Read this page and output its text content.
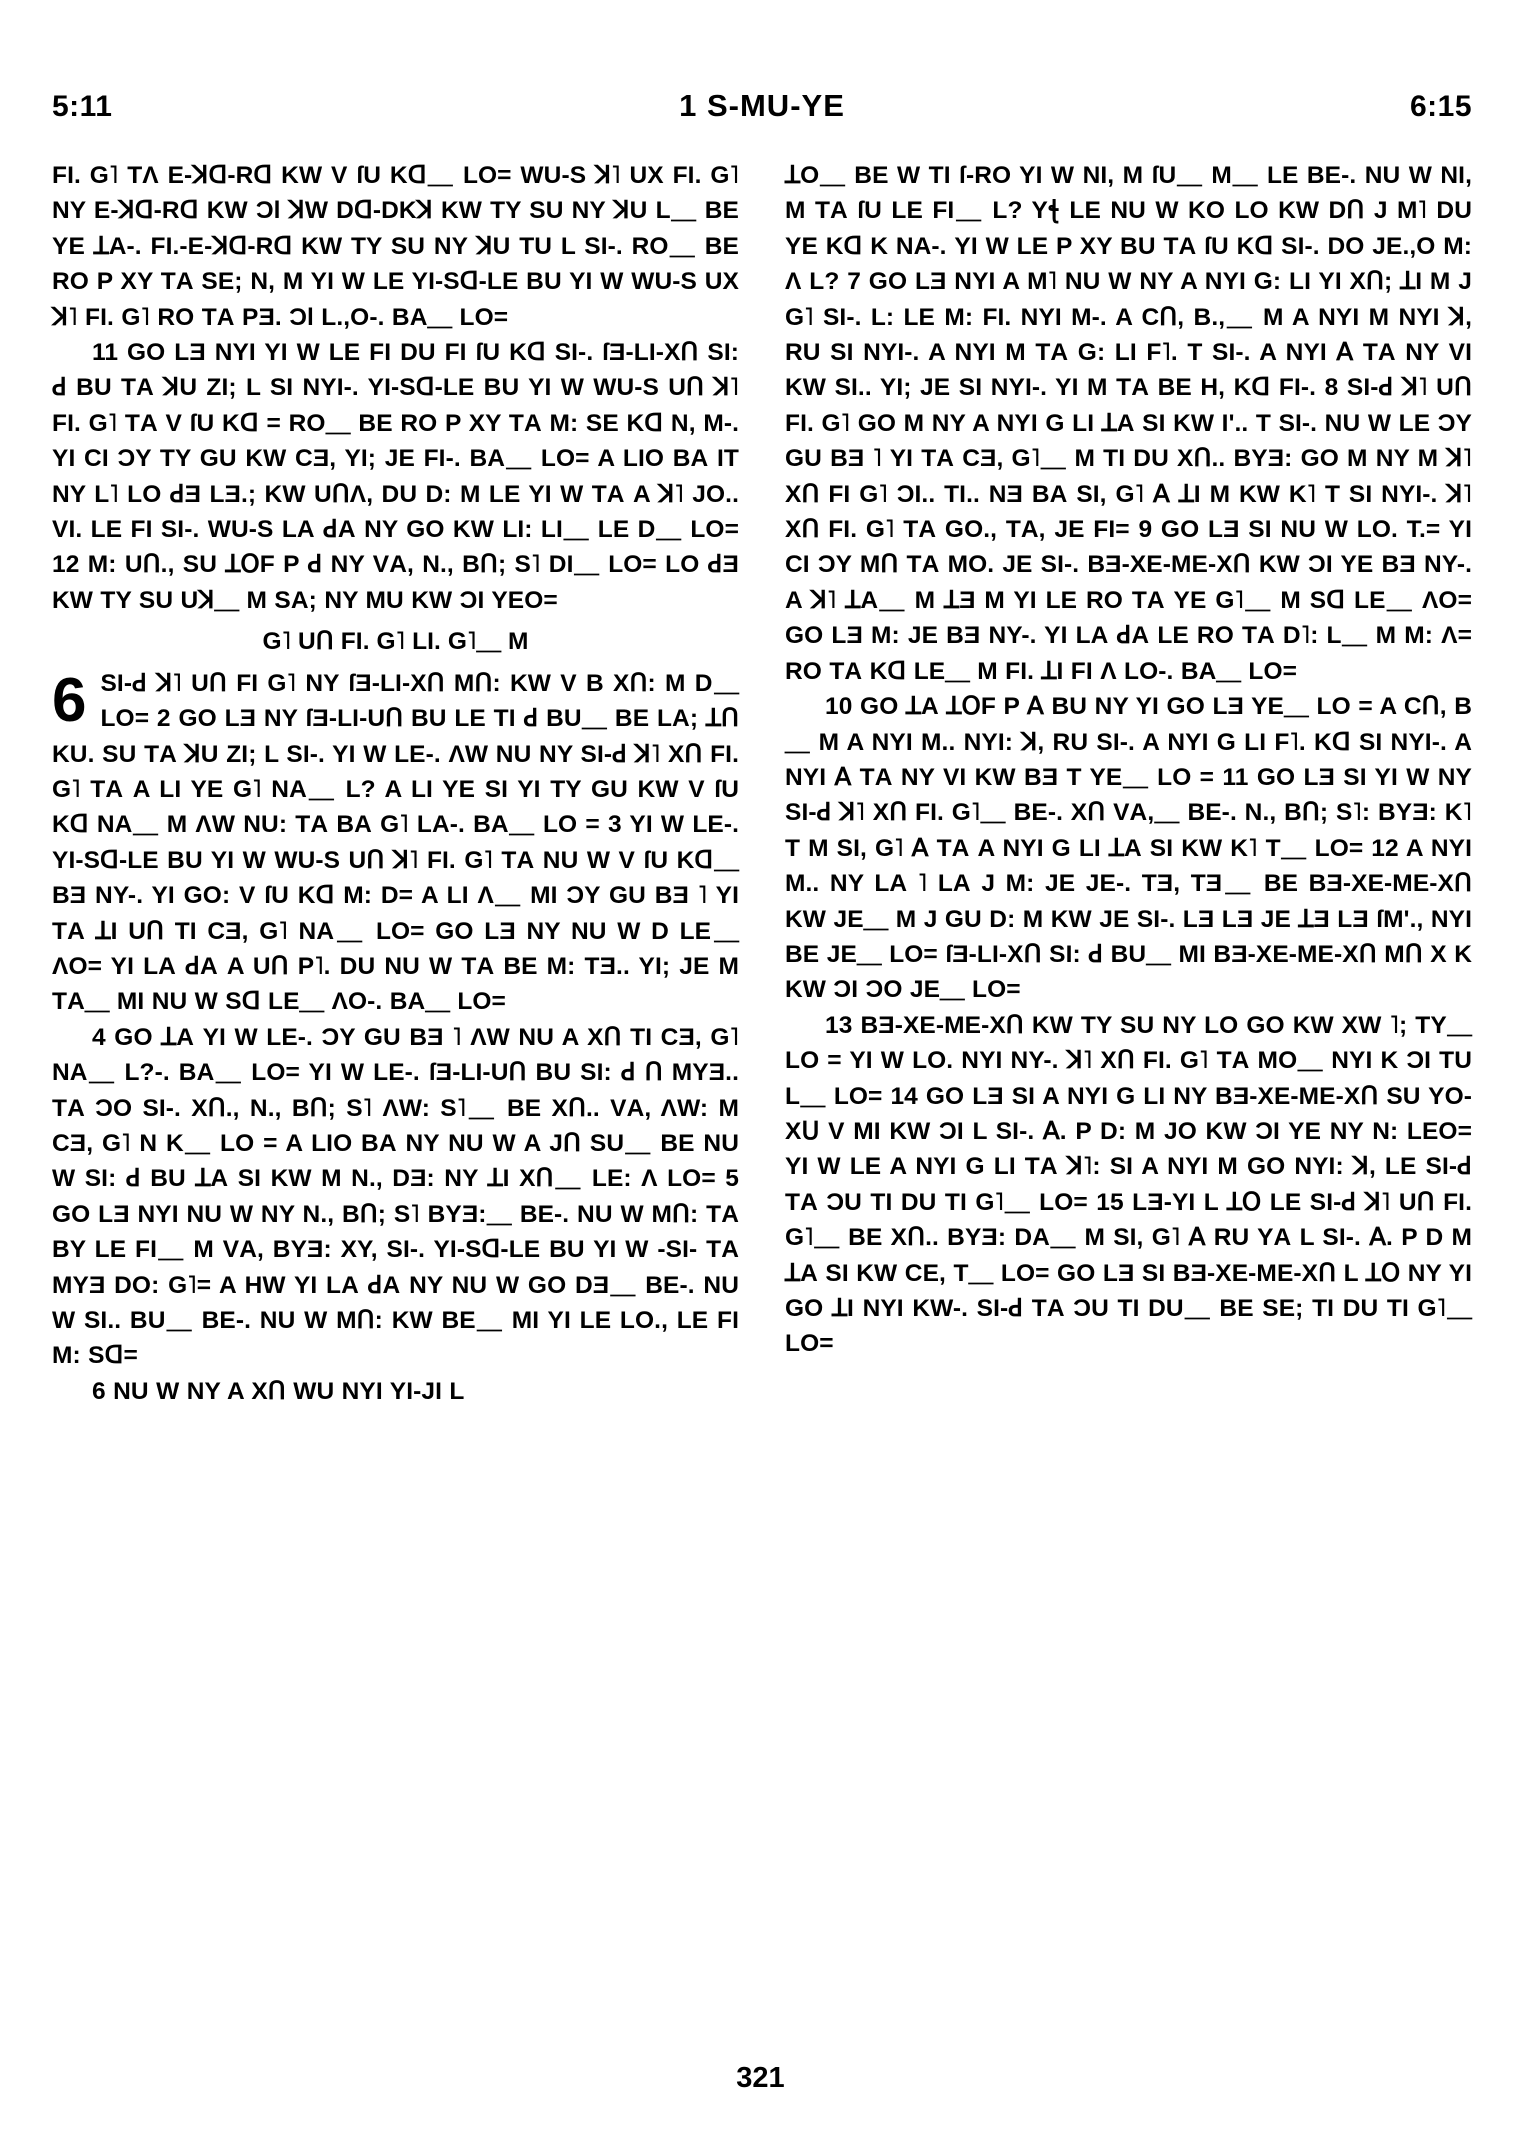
5:11	1 S-MU-YE	6:15

FI. G˥ TΛ E-ꓘꓷ-Rꓷ KW V ſU Kꓷ＿ LO= WU-S ꓘ˥ UX FI. G˥ NY E-ꓘꓷ-Rꓷ KW Ɔl ꓘW Dꓷ-DKꓘ KW TY SU NY ꓘU L＿ BE YE ꓕΑ-. FI.-E-ꓘꓷ-Rꓷ KW TY SU NY ꓘU TU L SI-. RO＿ BE RO P XY TΑ SE; N, M YI W LE YI-Sꓷ-LE BU YI W WU-S UX ꓘ˥ FI. G˥ RO TΑ PƎ. Ɔl L.,O-. BΑ＿ LO=

11 GO LƎ NYI YI W LE FI DU FI ſU Kꓷ SI-. ſƎ-LI-Xꓵ SI: ꓒ BU TΑ ꓘU ZI; L SI NYI-. YI-Sꓷ-LE BU YI W WU-S Uꓵ ꓘ˥ FI. G˥ TΑ V ſU Kꓷ = RO＿ BE RO P XY TΑ M: SE Kꓷ N, M-. YI CI ƆY TY GU KW CƎ, YI; JE FI-. BΑ＿ LO= A LIO BΑ IT NY L˥ LO ꓒƎ LƎ.; KW UꓵΛ, DU D: M LE YI W TΑ A ꓘ˥ JO.. VI. LE FI SI-. WU-S LΑ ꓒΑ NY GO KW LI: LI＿ LE D＿ LO= 12 M: Uꓵ., SU ꓕꓳF P ꓒ NY VΑ, N., Bꓵ; S˥ DI＿ LO= LO ꓒƎ KW TY SU Uꓘ＿ M SΑ; NY MU KW ƆI YEO=

G˥ Uꓵ FI. G˥ LI. G˥＿ M

6 SI-ꓒ ꓘ˥ Uꓵ FI G˥ NY ſƎ-LI-Xꓵ Mꓵ: KW V B Xꓵ: M D＿ LO= 2 GO LƎ NY ſƎ-LI-Uꓵ BU LE TI ꓒ BU＿ BE LΑ; ꓕꓵ KU. SU TΑ ꓘU ZI; L SI-. YI W LE-. ΛW NU NY SI-ꓒ ꓘ˥ Xꓵ FI. G˥ TΑ A LI YE G˥ NΑ＿ L? A LI YE SI YI TY GU KW V ſU Kꓷ NΑ＿ M ΛW NU: TΑ BΑ G˥ LΑ-. BΑ＿ LO = 3 YI W LE-. YI-Sꓷ-LE BU YI W WU-S Uꓵ ꓘ˥ FI. G˥ TΑ NU W V ſU Kꓷ＿ BƎ NY-. YI GO: V ſU Kꓷ M: D= A LI Λ＿ MI ƆY GU BƎ ˥ YI TΑ ꓕI Uꓵ TI CƎ, G˥ NΑ＿ LO= GO LƎ NY NU W D LE＿ ΛO= YI LΑ ꓒΑ A Uꓵ P˥. DU NU W TΑ BE M: TƎ.. YI; JE M TΑ＿ MI NU W Sꓷ LE＿ ΛO-. BΑ＿ LO=

4 GO ꓕΑ YI W LE-. ƆY GU BƎ ˥ ΛW NU A Xꓵ TI CƎ, G˥ NΑ＿ L?-. BΑ＿ LO= YI W LE-. ſƎ-LI-Uꓵ BU SI: ꓒ ꓵ MYƎ.. TΑ ƆO SI-. Xꓵ., N., Bꓵ; S˥ ΛW: S˥＿ BE Xꓵ.. VΑ, ΛW: M CƎ, G˥ N K＿ LO = A LIO BΑ NY NU W A Jꓵ SU＿ BE NU W SI: ꓒ BU ꓕΑ SI KW M N., DƎ: NY ꓕI Xꓵ＿ LE: Λ LO= 5 GO LƎ NYI NU W NY N., Bꓵ; S˥ BYƎ:＿ BE-. NU W Mꓵ: TΑ BY LE FI＿ M VΑ, BYƎ: XY, SI-. YI-Sꓷ-LE BU YI W -SI- TΑ MYƎ DO: G˥= A HW YI LΑ ꓒΑ NY NU W GO DƎ＿ BE-. NU W SI.. BU＿ BE-. NU W Mꓵ: KW BE＿ MI YI LE LO., LE FI M: Sꓷ=

6 NU W NY A Xꓵ WU NYI YI-JI L

ꓕO＿ BE W TI ſ-RO YI W NI, M ſU＿ M＿ LE BE-. NU W NI, M TΑ ſU LE FI＿ L? Yꞎ LE NU W KO LO KW Dꓵ J M˥ DU YE Kꓷ K NΑ-. YI W LE P XY BU TΑ ſU Kꓷ SI-. DO JE.,O M: Λ L? 7 GO LƎ NYI A M˥ NU W NY A NYI G: LI YI Xꓵ; ꓕI M J G˥ SI-. L: LE M: FI. NYI M-. A Cꓵ, B.,＿ M A NYI M NYI ꓘ, RU SI NYI-. A NYI M TΑ G: LI F˥. T SI-. A NYI ꓮ TΑ NY VI KW SI.. YI; JE SI NYI-. YI M TΑ BE H, Kꓷ FI-. 8 SI-ꓒ ꓘ˥ Uꓵ FI. G˥ GO M NY A NYI G LI ꓕΑ SI KW I'.. T SI-. NU W LE ƆY GU BƎ ˥ YI TΑ CƎ, G˥＿ M TI DU Xꓵ.. BYƎ: GO M NY M ꓘ˥ Xꓵ FI G˥ ƆI.. TI.. NƎ BΑ SI, G˥ ꓮ ꓕI M KW K˥ T SI NYI-. ꓘ˥ Xꓵ FI. G˥ TΑ GO., TΑ, JE FI= 9 GO LƎ SI NU W LO. T.= YI CI ƆY Mꓵ TΑ MO. JE SI-. BƎ-XE-ME-Xꓵ KW ƆI YE BƎ NY-. A ꓘ˥ ꓕΑ＿ M ꓕƎ M YI LE RO TΑ YE G˥＿ M Sꓷ LE＿ ΛO= GO LƎ M: JE BƎ NY-. YI LΑ ꓒΑ LE RO TΑ D˥: L＿ M M: Λ= RO TΑ Kꓷ LE＿ M FI. ꓕI FI Λ LO-. BΑ＿ LO=

10 GO ꓕΑ ꓕꓳF P ꓮ BU NY YI GO LƎ YE＿ LO = A Cꓵ, B＿ M A NYI M.. NYI: ꓘ, RU SI-. A NYI G LI F˥. Kꓷ SI NYI-. A NYI ꓮ TΑ NY VI KW BƎ T YE＿ LO = 11 GO LƎ SI YI W NY SI-ꓒ ꓘ˥ Xꓵ FI. G˥＿ BE-. Xꓵ VΑ,＿ BE-. N., Bꓵ; S˥: BYƎ: K˥ T M SI, G˥ ꓮ TΑ A NYI G LI ꓕΑ SI KW K˥ T＿ LO= 12 A NYI M.. NY LΑ ˥ LΑ J M: JE JE-. TƎ, TƎ＿ BE BƎ-XE-ME-Xꓵ KW JE＿ M J GU D: M KW JE SI-. LƎ LƎ JE ꓕƎ LƎ ſM'., NYI BE JE＿ LO= ſƎ-LI-Xꓵ SI: ꓒ BU＿ MI BƎ-XE-ME-Xꓵ Mꓵ X K KW ƆI ƆO JE＿ LO=

13 BƎ-XE-ME-Xꓵ KW TY SU NY LO GO KW XW ˥; TY＿ LO = YI W LO. NYI NY-. ꓘ˥ Xꓵ FI. G˥ TΑ MO＿ NYI K ƆI TU L＿ LO= 14 GO LƎ SI A NYI G LI NY BƎ-XE-ME-Xꓵ SU YO-Xꓴ V MI KW ƆI L SI-. ꓮ. P D: M JO KW ƆI YE NY N: LEO= YI W LE A NYI G LI TΑ ꓘ˥: SI A NYI M GO NYI: ꓘ, LE SI-ꓒ TΑ ƆU TI DU TI G˥＿ LO= 15 LƎ-YI L ꓕꓳ LE SI-ꓒ ꓘ˥ Uꓵ FI. G˥＿ BE Xꓵ.. BYƎ: DΑ＿ M SI, G˥ ꓮ RU YΑ L SI-. ꓮ. P D M ꓕΑ SI KW CE, T＿ LO= GO LƎ SI BƎ-XE-ME-Xꓵ L ꓕꓳ NY YI GO ꓕI NYI KW-. SI-ꓒ TΑ ƆU TI DU＿ BE SE; TI DU TI G˥＿ LO=

321
